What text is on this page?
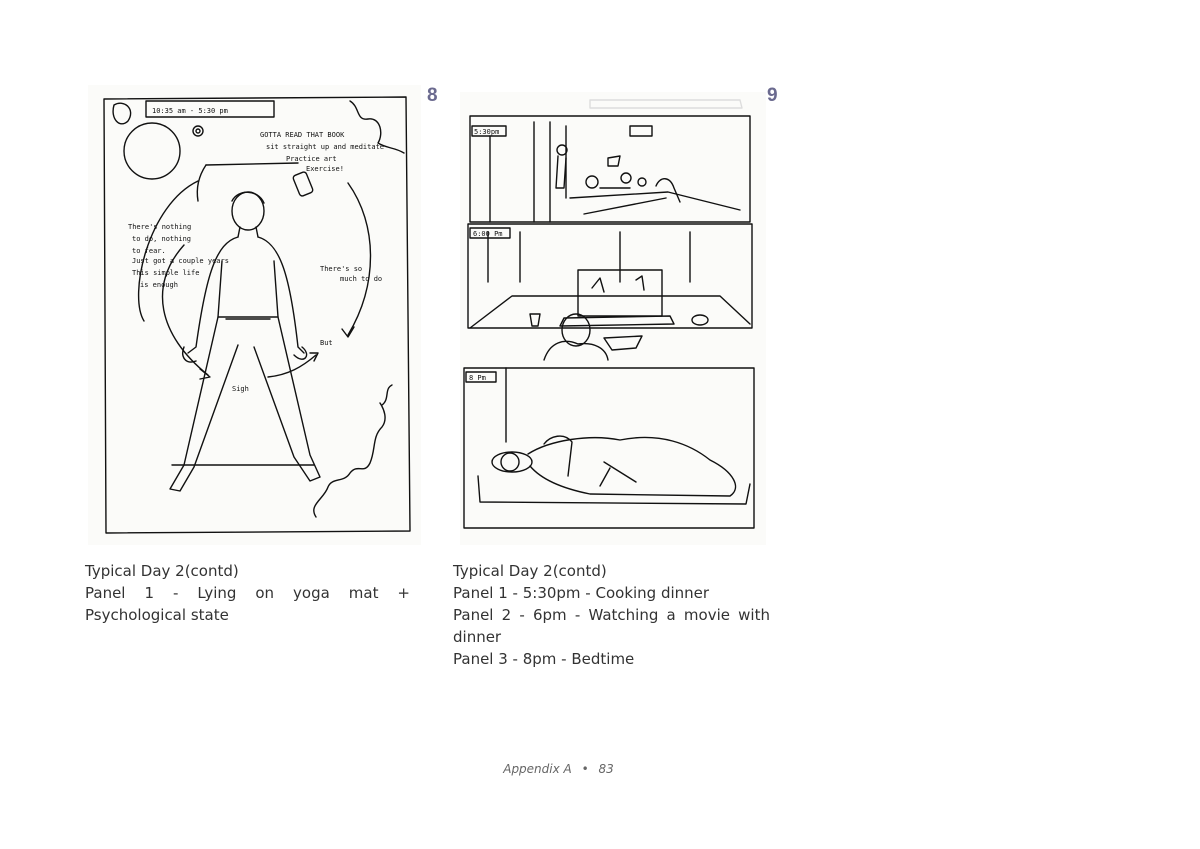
10:35 am - 5:30 pm
GOTTA READ THAT BOOK
sit straight up and meditate
Practice art
Exercise!
There's nothing
to do, nothing
to fear.
Just got a couple years
This simple life
is enough
There's so
much to do
Sigh
But
8
5:30pm
6:00 Pm
8 Pm
9
Typical Day 2(contd)
Panel 1 - Lying on yoga mat + Psychological state
Typical Day 2(contd)
Panel 1 - 5:30pm - Cooking dinner
Panel 2 - 6pm - Watching a movie with dinner
Panel 3 - 8pm - Bedtime
Appendix A • 83
